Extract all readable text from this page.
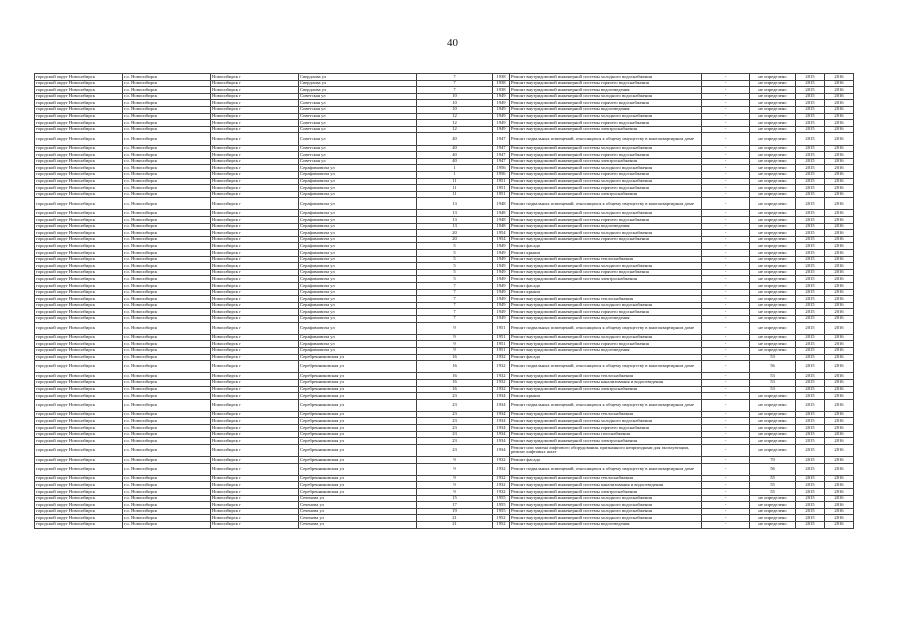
40
городской округ Новосибирск	г.о. Новосибирск	Новосибирск г	Свердлова ул	7	1938	Ремонт внутридомовой инженерной системы холодного водоснабжения	-	не определено	2015	2016
городской округ Новосибирск	г.о. Новосибирск	Новосибирск г	Свердлова ул	7	1938	Ремонт внутридомовой инженерной системы горячего водоснабжения	-	не определено	2015	2016
городской округ Новосибирск	г.о. Новосибирск	Новосибирск г	Свердлова ул	7	1938	Ремонт внутридомовой инженерной системы водоотведения	-	не определено	2015	2016
городской округ Новосибирск	г.о. Новосибирск	Новосибирск г	Советская ул	10	1949	Ремонт внутридомовой инженерной системы холодного водоснабжения	-	не определено	2015	2016
городской округ Новосибирск	г.о. Новосибирск	Новосибирск г	Советская ул	10	1949	Ремонт внутридомовой инженерной системы горячего водоснабжения	-	не определено	2015	2016
городской округ Новосибирск	г.о. Новосибирск	Новосибирск г	Советская ул	10	1949	Ремонт внутридомовой инженерной системы водоотведения	-	не определено	2015	2016
городской округ Новосибирск	г.о. Новосибирск	Новосибирск г	Советская ул	12	1949	Ремонт внутридомовой инженерной системы холодного водоснабжения	-	не определено	2015	2016
городской округ Новосибирск	г.о. Новосибирск	Новосибирск г	Советская ул	12	1949	Ремонт внутридомовой инженерной системы горячего водоснабжения	-	не определено	2015	2016
городской округ Новосибирск	г.о. Новосибирск	Новосибирск г	Советская ул	12	1949	Ремонт внутридомовой инженерной системы электроснабжения	-	не определено	2015	2016
городской округ Новосибирск	г.о. Новосибирск	Новосибирск г	Советская ул	40	1947	Ремонт подвальных помещений, относящихся к общему имуществу в многоквартирном доме	-	не определено	2015	2016
городской округ Новосибирск	г.о. Новосибирск	Новосибирск г	Советская ул	40	1947	Ремонт внутридомовой инженерной системы холодного водоснабжения	-	не определено	2015	2016
городской округ Новосибирск	г.о. Новосибирск	Новосибирск г	Советская ул	40	1947	Ремонт внутридомовой инженерной системы горячего водоснабжения	-	не определено	2015	2016
городской округ Новосибирск	г.о. Новосибирск	Новосибирск г	Советская ул	40	1947	Ремонт внутридомовой инженерной системы электроснабжения	-	не определено	2015	2016
городской округ Новосибирск	г.о. Новосибирск	Новосибирск г	Серафимовича ул	1	1956	Ремонт внутридомовой инженерной системы холодного водоснабжения	-	не определено	2015	2016
городской округ Новосибирск	г.о. Новосибирск	Новосибирск г	Серафимовича ул	1	1956	Ремонт внутридомовой инженерной системы горячего водоснабжения	-	не определено	2015	2016
городской округ Новосибирск	г.о. Новосибирск	Новосибирск г	Серафимовича ул	11	1951	Ремонт внутридомовой инженерной системы холодного водоснабжения	-	не определено	2015	2016
городской округ Новосибирск	г.о. Новосибирск	Новосибирск г	Серафимовича ул	11	1951	Ремонт внутридомовой инженерной системы горячего водоснабжения	-	не определено	2015	2016
городской округ Новосибирск	г.о. Новосибирск	Новосибирск г	Серафимовича ул	11	1951	Ремонт внутридомовой инженерной системы электроснабжения	-	не определено	2015	2016
городской округ Новосибирск	г.о. Новосибирск	Новосибирск г	Серафимовича ул	13	1948	Ремонт подвальных помещений, относящихся к общему имуществу в многоквартирном доме	-	не определено	2015	2016
городской округ Новосибирск	г.о. Новосибирск	Новосибирск г	Серафимовича ул	13	1948	Ремонт внутридомовой инженерной системы холодного водоснабжения	-	не определено	2015	2016
городской округ Новосибирск	г.о. Новосибирск	Новосибирск г	Серафимовича ул	13	1948	Ремонт внутридомовой инженерной системы горячего водоснабжения	-	не определено	2015	2016
городской округ Новосибирск	г.о. Новосибирск	Новосибирск г	Серафимовича ул	13	1948	Ремонт внутридомовой инженерной системы водоотведения	-	не определено	2015	2016
городской округ Новосибирск	г.о. Новосибирск	Новосибирск г	Серафимовича ул	20	1954	Ремонт внутридомовой инженерной системы холодного водоснабжения	-	не определено	2015	2016
городской округ Новосибирск	г.о. Новосибирск	Новосибирск г	Серафимовича ул	20	1954	Ремонт внутридомовой инженерной системы горячего водоснабжения	-	не определено	2015	2016
городской округ Новосибирск	г.о. Новосибирск	Новосибирск г	Серафимовича ул	5	1949	Ремонт фасада	-	не определено	2015	2016
городской округ Новосибирск	г.о. Новосибирск	Новосибирск г	Серафимовича ул	5	1949	Ремонт крыши	-	не определено	2015	2016
городской округ Новосибирск	г.о. Новосибирск	Новосибирск г	Серафимовича ул	5	1949	Ремонт внутридомовой инженерной системы теплоснабжения	-	не определено	2015	2016
городской округ Новосибирск	г.о. Новосибирск	Новосибирск г	Серафимовича ул	5	1949	Ремонт внутридомовой инженерной системы холодного водоснабжения	-	не определено	2015	2016
городской округ Новосибирск	г.о. Новосибирск	Новосибирск г	Серафимовича ул	5	1949	Ремонт внутридомовой инженерной системы горячего водоснабжения	-	не определено	2015	2016
городской округ Новосибирск	г.о. Новосибирск	Новосибирск г	Серафимовича ул	5	1949	Ремонт внутридомовой инженерной системы электроснабжения	-	не определено	2015	2016
городской округ Новосибирск	г.о. Новосибирск	Новосибирск г	Серафимовича ул	7	1949	Ремонт фасада	-	не определено	2015	2016
городской округ Новосибирск	г.о. Новосибирск	Новосибирск г	Серафимовича ул	7	1949	Ремонт крыши	-	не определено	2015	2016
городской округ Новосибирск	г.о. Новосибирск	Новосибирск г	Серафимовича ул	7	1949	Ремонт внутридомовой инженерной системы теплоснабжения	-	не определено	2015	2016
городской округ Новосибирск	г.о. Новосибирск	Новосибирск г	Серафимовича ул	7	1949	Ремонт внутридомовой инженерной системы холодного водоснабжения	-	не определено	2015	2016
городской округ Новосибирск	г.о. Новосибирск	Новосибирск г	Серафимовича ул	7	1949	Ремонт внутридомовой инженерной системы горячего водоснабжения	-	не определено	2015	2016
городской округ Новосибирск	г.о. Новосибирск	Новосибирск г	Серафимовича ул	7	1949	Ремонт внутридомовой инженерной системы водоотведения	-	не определено	2015	2016
городской округ Новосибирск	г.о. Новосибирск	Новосибирск г	Серафимовича ул	9	1951	Ремонт подвальных помещений, относящихся к общему имуществу в многоквартирном доме	-	не определено	2015	2016
городской округ Новосибирск	г.о. Новосибирск	Новосибирск г	Серафимовича ул	9	1951	Ремонт внутридомовой инженерной системы холодного водоснабжения	-	не определено	2015	2016
городской округ Новосибирск	г.о. Новосибирск	Новосибирск г	Серафимовича ул	9	1951	Ремонт внутридомовой инженерной системы горячего водоснабжения	-	не определено	2015	2016
городской округ Новосибирск	г.о. Новосибирск	Новосибирск г	Серафимовича ул	9	1951	Ремонт внутридомовой инженерной системы водоотведения	-	не определено	2015	2016
городской округ Новосибирск	г.о. Новосибирск	Новосибирск г	Серебренниковская ул	16	1932	Ремонт фасада	-	53	2015	2016
городской округ Новосибирск	г.о. Новосибирск	Новосибирск г	Серебренниковская ул	16	1932	Ремонт подвальных помещений, относящихся к общему имуществу в многоквартирном доме	-	56	2015	2016
городской округ Новосибирск	г.о. Новосибирск	Новосибирск г	Серебренниковская ул	16	1932	Ремонт внутридомовой инженерной системы теплоснабжения	-	53	2015	2016
городской округ Новосибирск	г.о. Новосибирск	Новосибирск г	Серебренниковская ул	16	1932	Ремонт внутридомовой инженерной системы канализования и водоотведения	-	53	2015	2016
городской округ Новосибирск	г.о. Новосибирск	Новосибирск г	Серебренниковская ул	16	1932	Ремонт внутридомовой инженерной системы электроснабжения	-	53	2015	2016
городской округ Новосибирск	г.о. Новосибирск	Новосибирск г	Серебренниковская ул	23	1934	Ремонт крыши	-	не определено	2015	2016
городской округ Новосибирск	г.о. Новосибирск	Новосибирск г	Серебренниковская ул	23	1934	Ремонт подвальных помещений, относящихся к общему имуществу в многоквартирном доме	-	не определено	2015	2016
городской округ Новосибирск	г.о. Новосибирск	Новосибирск г	Серебренниковская ул	23	1934	Ремонт внутридомовой инженерной системы теплоснабжения	-	не определено	2015	2016
городской округ Новосибирск	г.о. Новосибирск	Новосибирск г	Серебренниковская ул	23	1934	Ремонт внутридомовой инженерной системы холодного водоснабжения	-	не определено	2015	2016
городской округ Новосибирск	г.о. Новосибирск	Новосибирск г	Серебренниковская ул	23	1934	Ремонт внутридомовой инженерной системы горячего водоснабжения	-	не определено	2015	2016
городской округ Новосибирск	г.о. Новосибирск	Новосибирск г	Серебренниковская ул	23	1934	Ремонт внутридомовой инженерной системы газоснабжения	-	не определено	2015	2016
городской округ Новосибирск	г.о. Новосибирск	Новосибирск г	Серебренниковская ул	23	1934	Ремонт внутридомовой инженерной системы электроснабжения	-	не определено	2015	2016
городской округ Новосибирск	г.о. Новосибирск	Новосибирск г	Серебренниковская ул	23	1934	Ремонт или замена лифтового оборудования, признанного непригодным для эксплуатации, ремонт лифтовых шахт	-	не определено	2015	2016
городской округ Новосибирск	г.о. Новосибирск	Новосибирск г	Серебренниковская ул	9	1932	Ремонт фасада	-	70	2015	2016
городской округ Новосибирск	г.о. Новосибирск	Новосибирск г	Серебренниковская ул	9	1932	Ремонт подвальных помещений, относящихся к общему имуществу в многоквартирном доме	-	56	2015	2016
городской округ Новосибирск	г.о. Новосибирск	Новосибирск г	Серебренниковская ул	9	1932	Ремонт внутридомовой инженерной системы теплоснабжения	-	55	2015	2016
городской округ Новосибирск	г.о. Новосибирск	Новосибирск г	Серебренниковская ул	9	1932	Ремонт внутридомовой инженерной системы канализования и водоотведения	-	55	2015	2016
городской округ Новосибирск	г.о. Новосибирск	Новосибирск г	Серебренниковская ул	9	1932	Ремонт внутридомовой инженерной системы электроснабжения	-	55	2015	2016
городской округ Новосибирск	г.о. Новосибирск	Новосибирск г	Сеченова ул	15	1955	Ремонт внутридомовой инженерной системы холодного водоснабжения	-	не определено	2015	2016
городской округ Новосибирск	г.о. Новосибирск	Новосибирск г	Сеченова ул	17	1955	Ремонт внутридомовой инженерной системы холодного водоснабжения	-	не определено	2015	2016
городской округ Новосибирск	г.о. Новосибирск	Новосибирск г	Сеченова ул	19	1955	Ремонт внутридомовой инженерной системы холодного водоснабжения	-	не определено	2015	2016
городской округ Новосибирск	г.о. Новосибирск	Новосибирск г	Сеченова ул	21	1952	Ремонт внутридомовой инженерной системы холодного водоснабжения	-	не определено	2015	2016
городской округ Новосибирск	г.о. Новосибирск	Новосибирск г	Сеченова ул	21	1952	Ремонт внутридомовой инженерной системы водоотведения	-	не определено	2015	2016
